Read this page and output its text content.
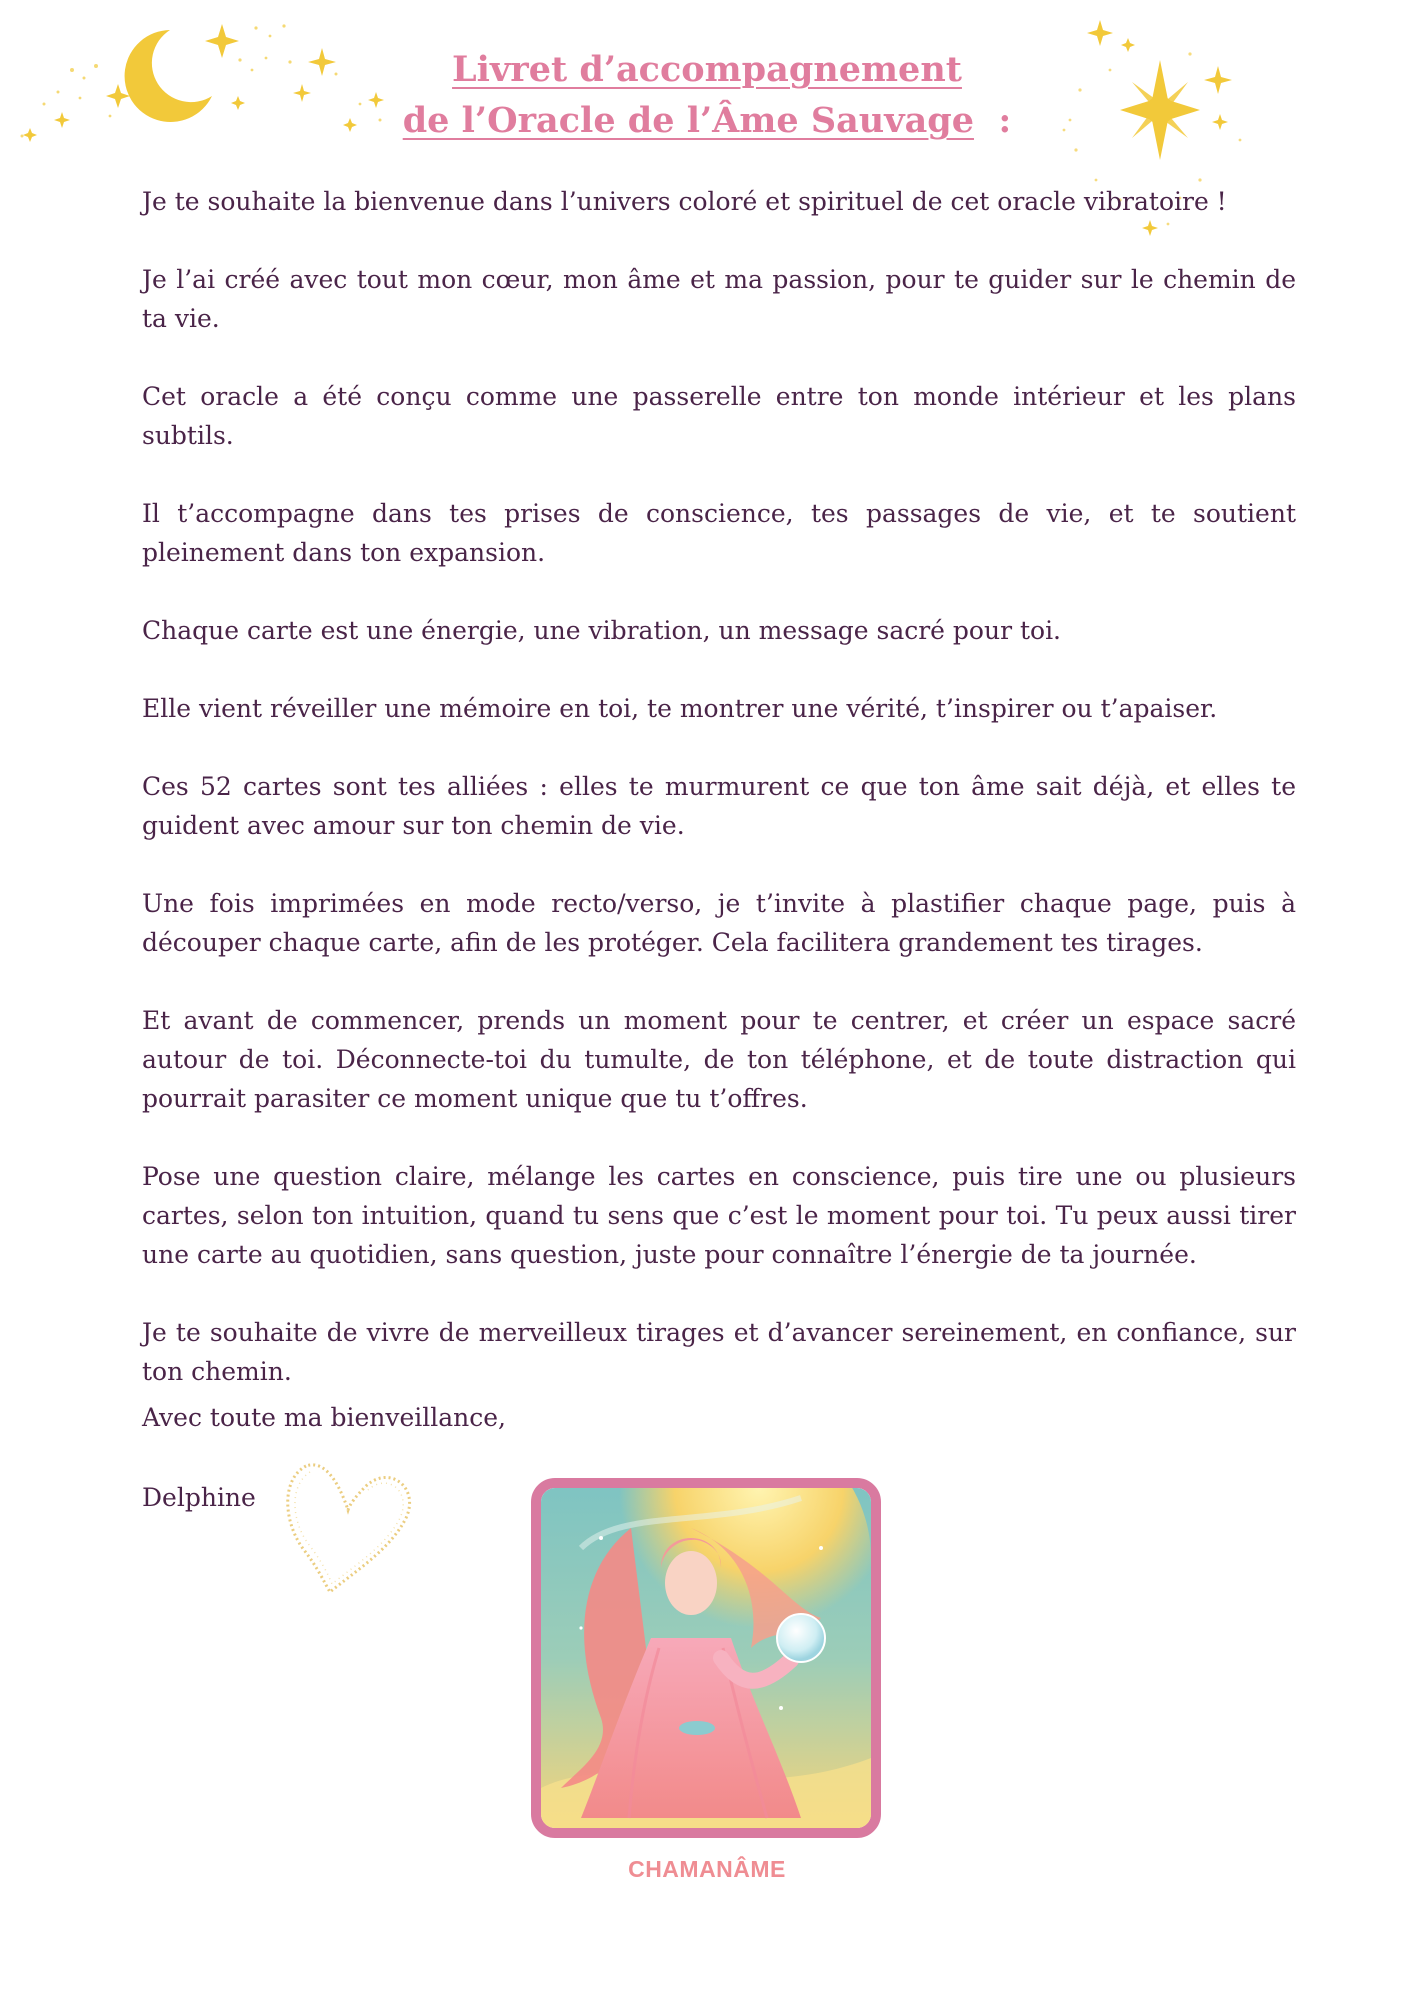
Livret d’accompagnement
de l’Oracle de l’Âme Sauvage :

Je te souhaite la bienvenue dans l’univers coloré et spirituel de cet oracle vibratoire !

Je l’ai créé avec tout mon cœur, mon âme et ma passion, pour te guider sur le chemin de ta vie.

Cet oracle a été conçu comme une passerelle entre ton monde intérieur et les plans subtils.

Il t’accompagne dans tes prises de conscience, tes passages de vie, et te soutient pleinement dans ton expansion.

Chaque carte est une énergie, une vibration, un message sacré pour toi.

Elle vient réveiller une mémoire en toi, te montrer une vérité, t’inspirer ou t’apaiser.

Ces 52 cartes sont tes alliées : elles te murmurent ce que ton âme sait déjà, et elles te guident avec amour sur ton chemin de vie.

Une fois imprimées en mode recto/verso, je t’invite à plastifier chaque page, puis à découper chaque carte, afin de les protéger. Cela facilitera grandement tes tirages.

Et avant de commencer, prends un moment pour te centrer, et créer un espace sacré autour de toi. Déconnecte-toi du tumulte, de ton téléphone, et de toute distraction qui pourrait parasiter ce moment unique que tu t’offres.

Pose une question claire, mélange les cartes en conscience, puis tire une ou plusieurs cartes, selon ton intuition, quand tu sens que c’est le moment pour toi. Tu peux aussi tirer une carte au quotidien, sans question, juste pour connaître l’énergie de ta journée.

Je te souhaite de vivre de merveilleux tirages et d’avancer sereinement, en confiance, sur ton chemin.

Avec toute ma bienveillance,
Delphine
CHAMANÂME
